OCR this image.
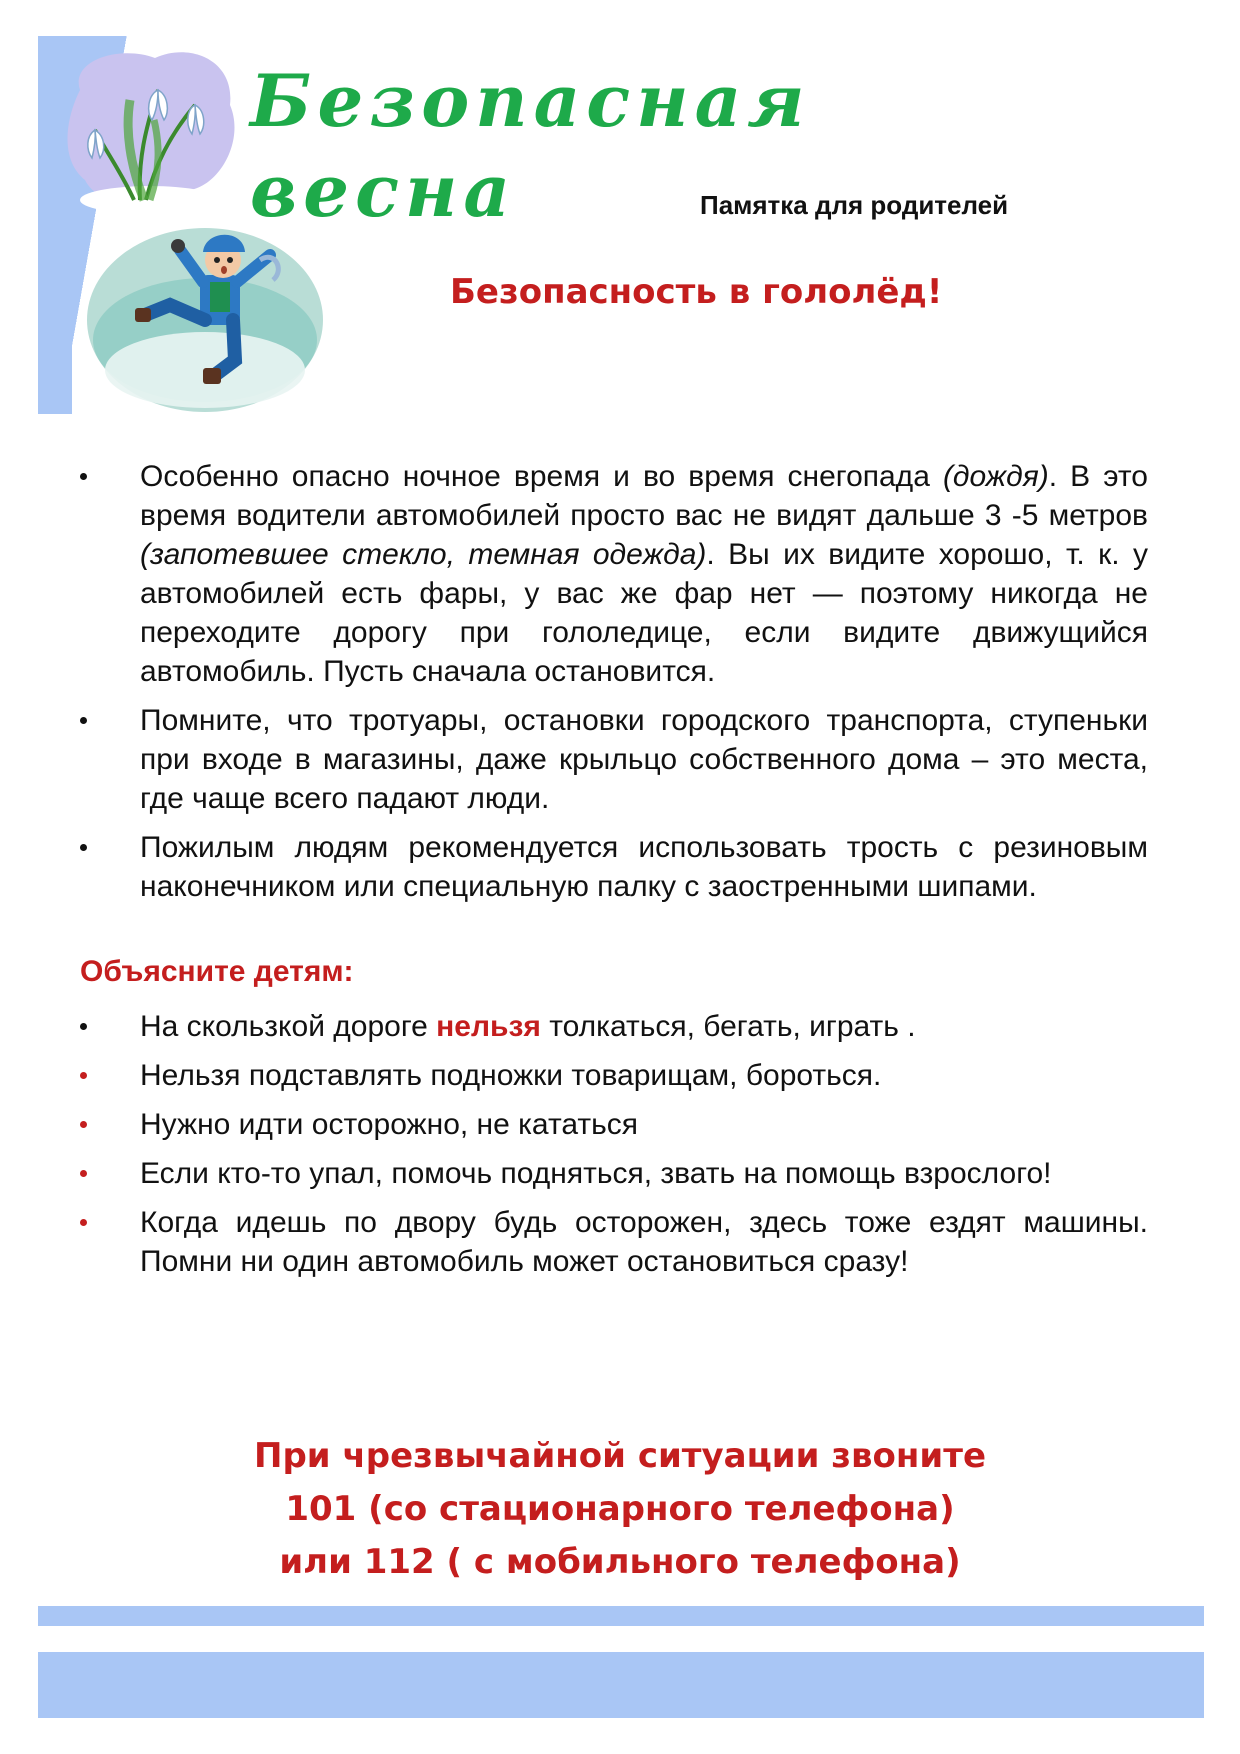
Безопасная весна	Памятка для родителей
Безопасность в гололёд!
Особенно опасно ночное время и во время снегопада (дождя). В это время водители автомобилей просто вас не видят дальше 3 -5 метров (запотевшее стекло, темная одежда). Вы их видите хорошо, т. к. у автомобилей есть фары, у вас же фар нет — поэтому никогда не переходите дорогу при гололедице, если видите движущийся автомобиль. Пусть сначала остановится.
Помните, что тротуары, остановки городского транспорта, ступеньки при входе в магазины, даже крыльцо собственного дома – это места, где чаще всего падают люди.
Пожилым людям рекомендуется использовать трость с резиновым наконечником или специальную палку с заостренными шипами.
Объясните детям:
На скользкой дороге нельзя толкаться, бегать, играть .
Нельзя подставлять подножки товарищам, бороться.
Нужно идти осторожно, не кататься
Если кто-то упал, помочь подняться, звать на помощь взрослого!
Когда идешь по двору будь осторожен, здесь тоже ездят машины. Помни ни один автомобиль может остановиться сразу!
При чрезвычайной ситуации звоните
101 (со стационарного телефона)
или 112 ( с мобильного телефона)
